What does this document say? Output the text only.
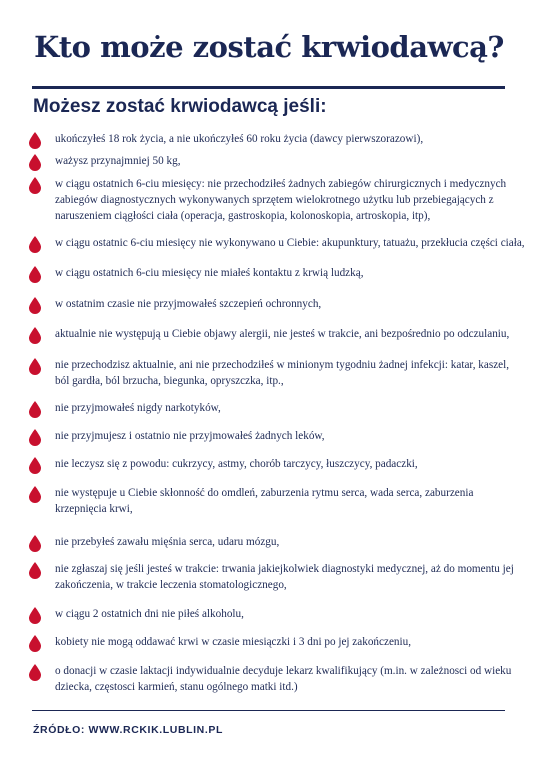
Kto może zostać krwiodawcą?
Możesz zostać krwiodawcą jeśli:
ukończyłeś 18 rok życia, a nie ukończyłeś 60 roku życia (dawcy pierwszorazowi),
ważysz przynajmniej 50 kg,
w ciągu ostatnich 6-ciu miesięcy: nie przechodziłeś żadnych zabiegów chirurgicznych i medycznych zabiegów diagnostycznych wykonywanych sprzętem wielokrotnego użytku lub przebiegających z naruszeniem ciągłości ciała (operacja, gastroskopia, kolonoskopia, artroskopia, itp),
w ciągu ostatnic 6-ciu miesięcy nie wykonywano u Ciebie: akupunktury, tatuażu, przekłucia części ciała,
w ciągu ostatnich 6-ciu miesięcy nie miałeś kontaktu z krwią ludzką,
w ostatnim czasie nie przyjmowałeś szczepień ochronnych,
aktualnie nie występują u Ciebie objawy alergii, nie jesteś w trakcie, ani bezpośrednio po odczulaniu,
nie przechodzisz aktualnie, ani nie przechodziłeś w minionym tygodniu żadnej infekcji: katar, kaszel, ból gardła, ból brzucha, biegunka, opryszczka, itp.,
nie przyjmowałeś nigdy narkotyków,
nie przyjmujesz i ostatnio nie przyjmowałeś żadnych leków,
nie leczysz się z powodu: cukrzycy, astmy, chorób tarczycy, łuszczycy, padaczki,
nie występuje u Ciebie skłonność do omdleń, zaburzenia rytmu serca, wada serca, zaburzenia krzepnięcia krwi,
nie przebyłeś zawału mięśnia serca, udaru mózgu,
nie zgłaszaj się jeśli jesteś w trakcie: trwania jakiejkolwiek diagnostyki medycznej, aż do momentu jej zakończenia, w trakcie leczenia stomatologicznego,
w ciągu 2 ostatnich dni nie piłeś alkoholu,
kobiety nie mogą oddawać krwi w czasie miesiączki i 3 dni po jej zakończeniu,
o donacji w czasie laktacji indywidualnie decyduje lekarz kwalifikujący (m.in. w zależnosci od wieku dziecka, częstosci karmień, stanu ogólnego matki itd.)
ŹRÓDŁO: WWW.RCKIK.LUBLIN.PL
